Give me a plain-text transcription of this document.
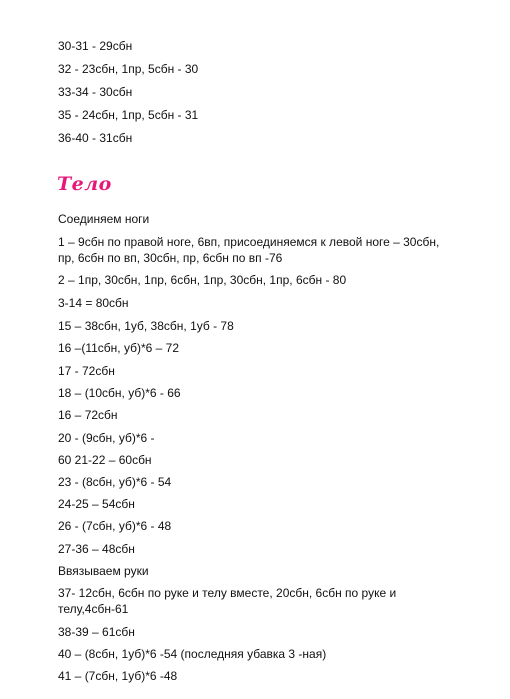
30-31 - 29сбн
32 - 23сбн, 1пр, 5сбн - 30
33-34 - 30сбн
35 - 24сбн, 1пр, 5сбн - 31
36-40 - 31сбн
Тело
Соединяем ноги
1 – 9сбн по правой ноге, 6вп, присоединяемся к левой ноге – 30сбн, пр, 6сбн по вп, 30сбн, пр, 6сбн по вп -76
2 – 1пр, 30сбн, 1пр, 6сбн, 1пр, 30сбн, 1пр, 6сбн - 80
3-14 = 80сбн
15 – 38сбн, 1уб, 38сбн, 1уб - 78
16 –(11сбн, уб)*6 – 72
17 - 72сбн
18 – (10сбн, уб)*6 - 66
16 – 72сбн
20 - (9сбн, уб)*6 -
60 21-22 – 60сбн
23 - (8сбн, уб)*6 - 54
24-25 – 54сбн
26 - (7сбн, уб)*6 - 48
27-36 – 48сбн
Ввязываем руки
37- 12сбн, 6сбн по руке и телу вместе, 20сбн, 6сбн по руке и телу,4сбн-61
38-39 – 61сбн
40 – (8сбн, 1уб)*6 -54 (последняя убавка 3 -ная)
41 – (7сбн, 1уб)*6 -48
